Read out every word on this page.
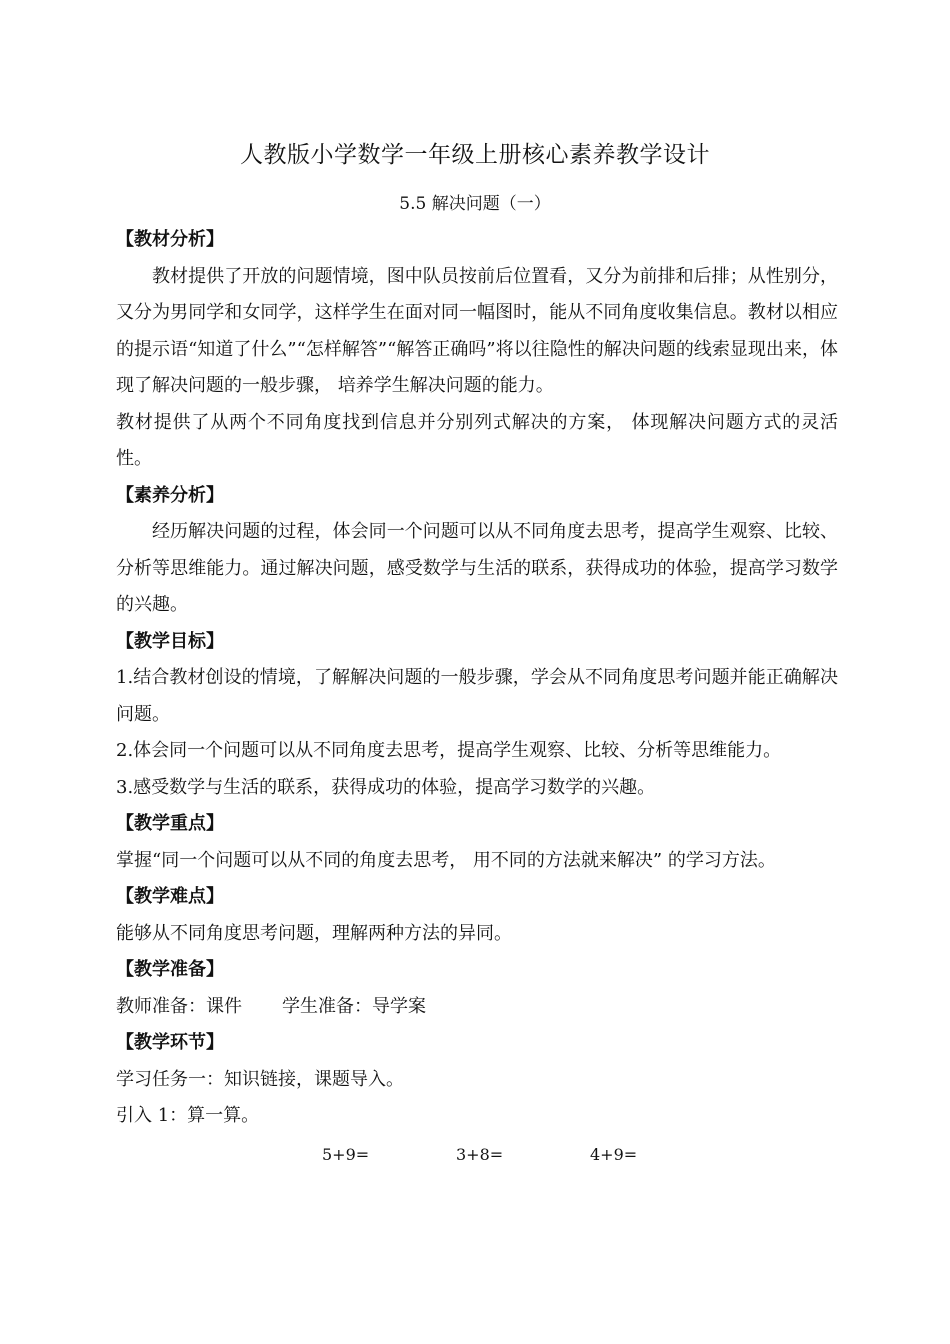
人教版小学数学一年级上册核心素养教学设计
5.5 解决问题（一）
【教材分析】
教材提供了开放的问题情境，图中队员按前后位置看，又分为前排和后排；从性别分，又分为男同学和女同学，这样学生在面对同一幅图时，能从不同角度收集信息。教材以相应的提示语“知道了什么”“怎样解答”“解答正确吗”将以往隐性的解决问题的线索显现出来，体现了解决问题的一般步骤， 培养学生解决问题的能力。
教材提供了从两个不同角度找到信息并分别列式解决的方案， 体现解决问题方式的灵活性。
【素养分析】
经历解决问题的过程，体会同一个问题可以从不同角度去思考，提高学生观察、比较、分析等思维能力。通过解决问题，感受数学与生活的联系，获得成功的体验，提高学习数学的兴趣。
【教学目标】
1.结合教材创设的情境，了解解决问题的一般步骤，学会从不同角度思考问题并能正确解决问题。
2.体会同一个问题可以从不同角度去思考，提高学生观察、比较、分析等思维能力。
3.感受数学与生活的联系，获得成功的体验，提高学习数学的兴趣。
【教学重点】
掌握“同一个问题可以从不同的角度去思考， 用不同的方法就来解决” 的学习方法。
【教学难点】
能够从不同角度思考问题，理解两种方法的异同。
【教学准备】
教师准备：课件 学生准备：导学案
【教学环节】
学习任务一：知识链接，课题导入。
引入 1：算一算。
5+9=	3+8=	4+9=
